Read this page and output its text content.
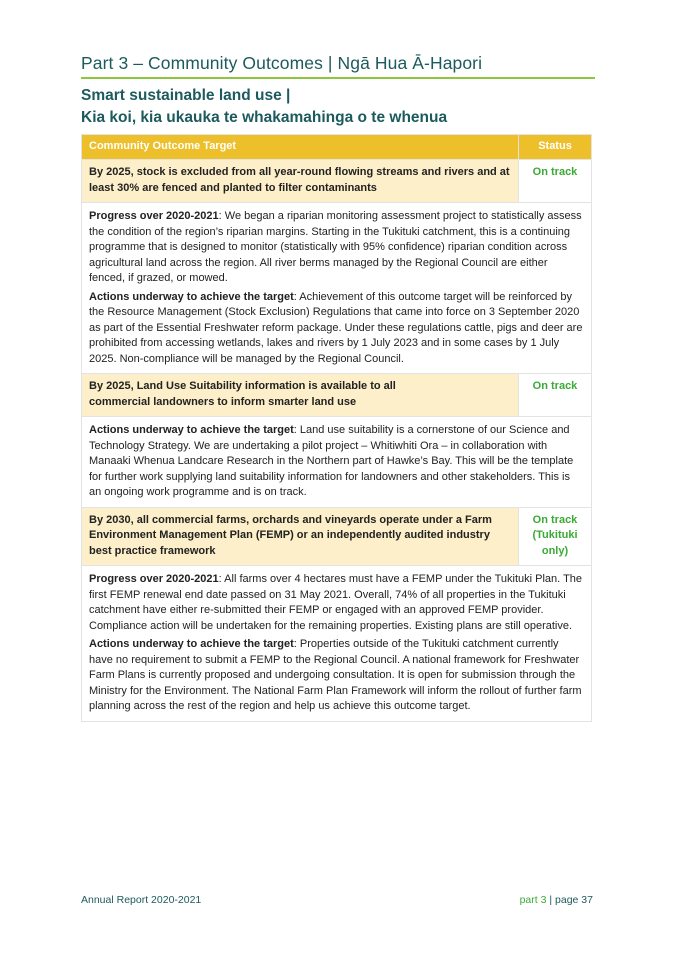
Part 3 – Community Outcomes | Ngā Hua Ā-Hapori
Smart sustainable land use |
Kia koi, kia ukauka te whakamahinga o te whenua
Community Outcome Target	Status
By 2025, stock is excluded from all year-round flowing streams and rivers and at least 30% are fenced and planted to filter contaminants	On track

Progress over 2020-2021: We began a riparian monitoring assessment project to statistically assess the condition of the region’s riparian margins. Starting in the Tukituki catchment, this is a continuing programme that is designed to monitor (statistically with 95% confidence) riparian condition across agricultural land across the region. All river berms managed by the Regional Council are either fenced, if grazed, or mowed.

Actions underway to achieve the target: Achievement of this outcome target will be reinforced by the Resource Management (Stock Exclusion) Regulations that came into force on 3 September 2020 as part of the Essential Freshwater reform package. Under these regulations cattle, pigs and deer are prohibited from accessing wetlands, lakes and rivers by 1 July 2023 and in some cases by 1 July 2025. Non-compliance will be managed by the Regional Council.	

By 2025, Land Use Suitability information is available to all commercial landowners to inform smarter land use	On track

Actions underway to achieve the target: Land use suitability is a cornerstone of our Science and Technology Strategy. We are undertaking a pilot project – Whitiwhiti Ora – in collaboration with Manaaki Whenua Landcare Research in the Northern part of Hawke’s Bay. This will be the template for further work supplying land suitability information for landowners and other stakeholders. This is an ongoing work programme and is on track.	

By 2030, all commercial farms, orchards and vineyards operate under a Farm Environment Management Plan (FEMP) or an independently audited industry best practice framework	On track (Tukituki only)

Progress over 2020-2021: All farms over 4 hectares must have a FEMP under the Tukituki Plan. The first FEMP renewal end date passed on 31 May 2021. Overall, 74% of all properties in the Tukituki catchment have either re-submitted their FEMP or engaged with an approved FEMP provider. Compliance action will be undertaken for the remaining properties. Existing plans are still operative.

Actions underway to achieve the target: Properties outside of the Tukituki catchment currently have no requirement to submit a FEMP to the Regional Council. A national framework for Freshwater Farm Plans is currently proposed and undergoing consultation. It is open for submission through the Ministry for the Environment. The National Farm Plan Framework will inform the rollout of further farm planning across the rest of the region and help us achieve this outcome target.	

Annual Report 2020-2021	part 3 | page 37
